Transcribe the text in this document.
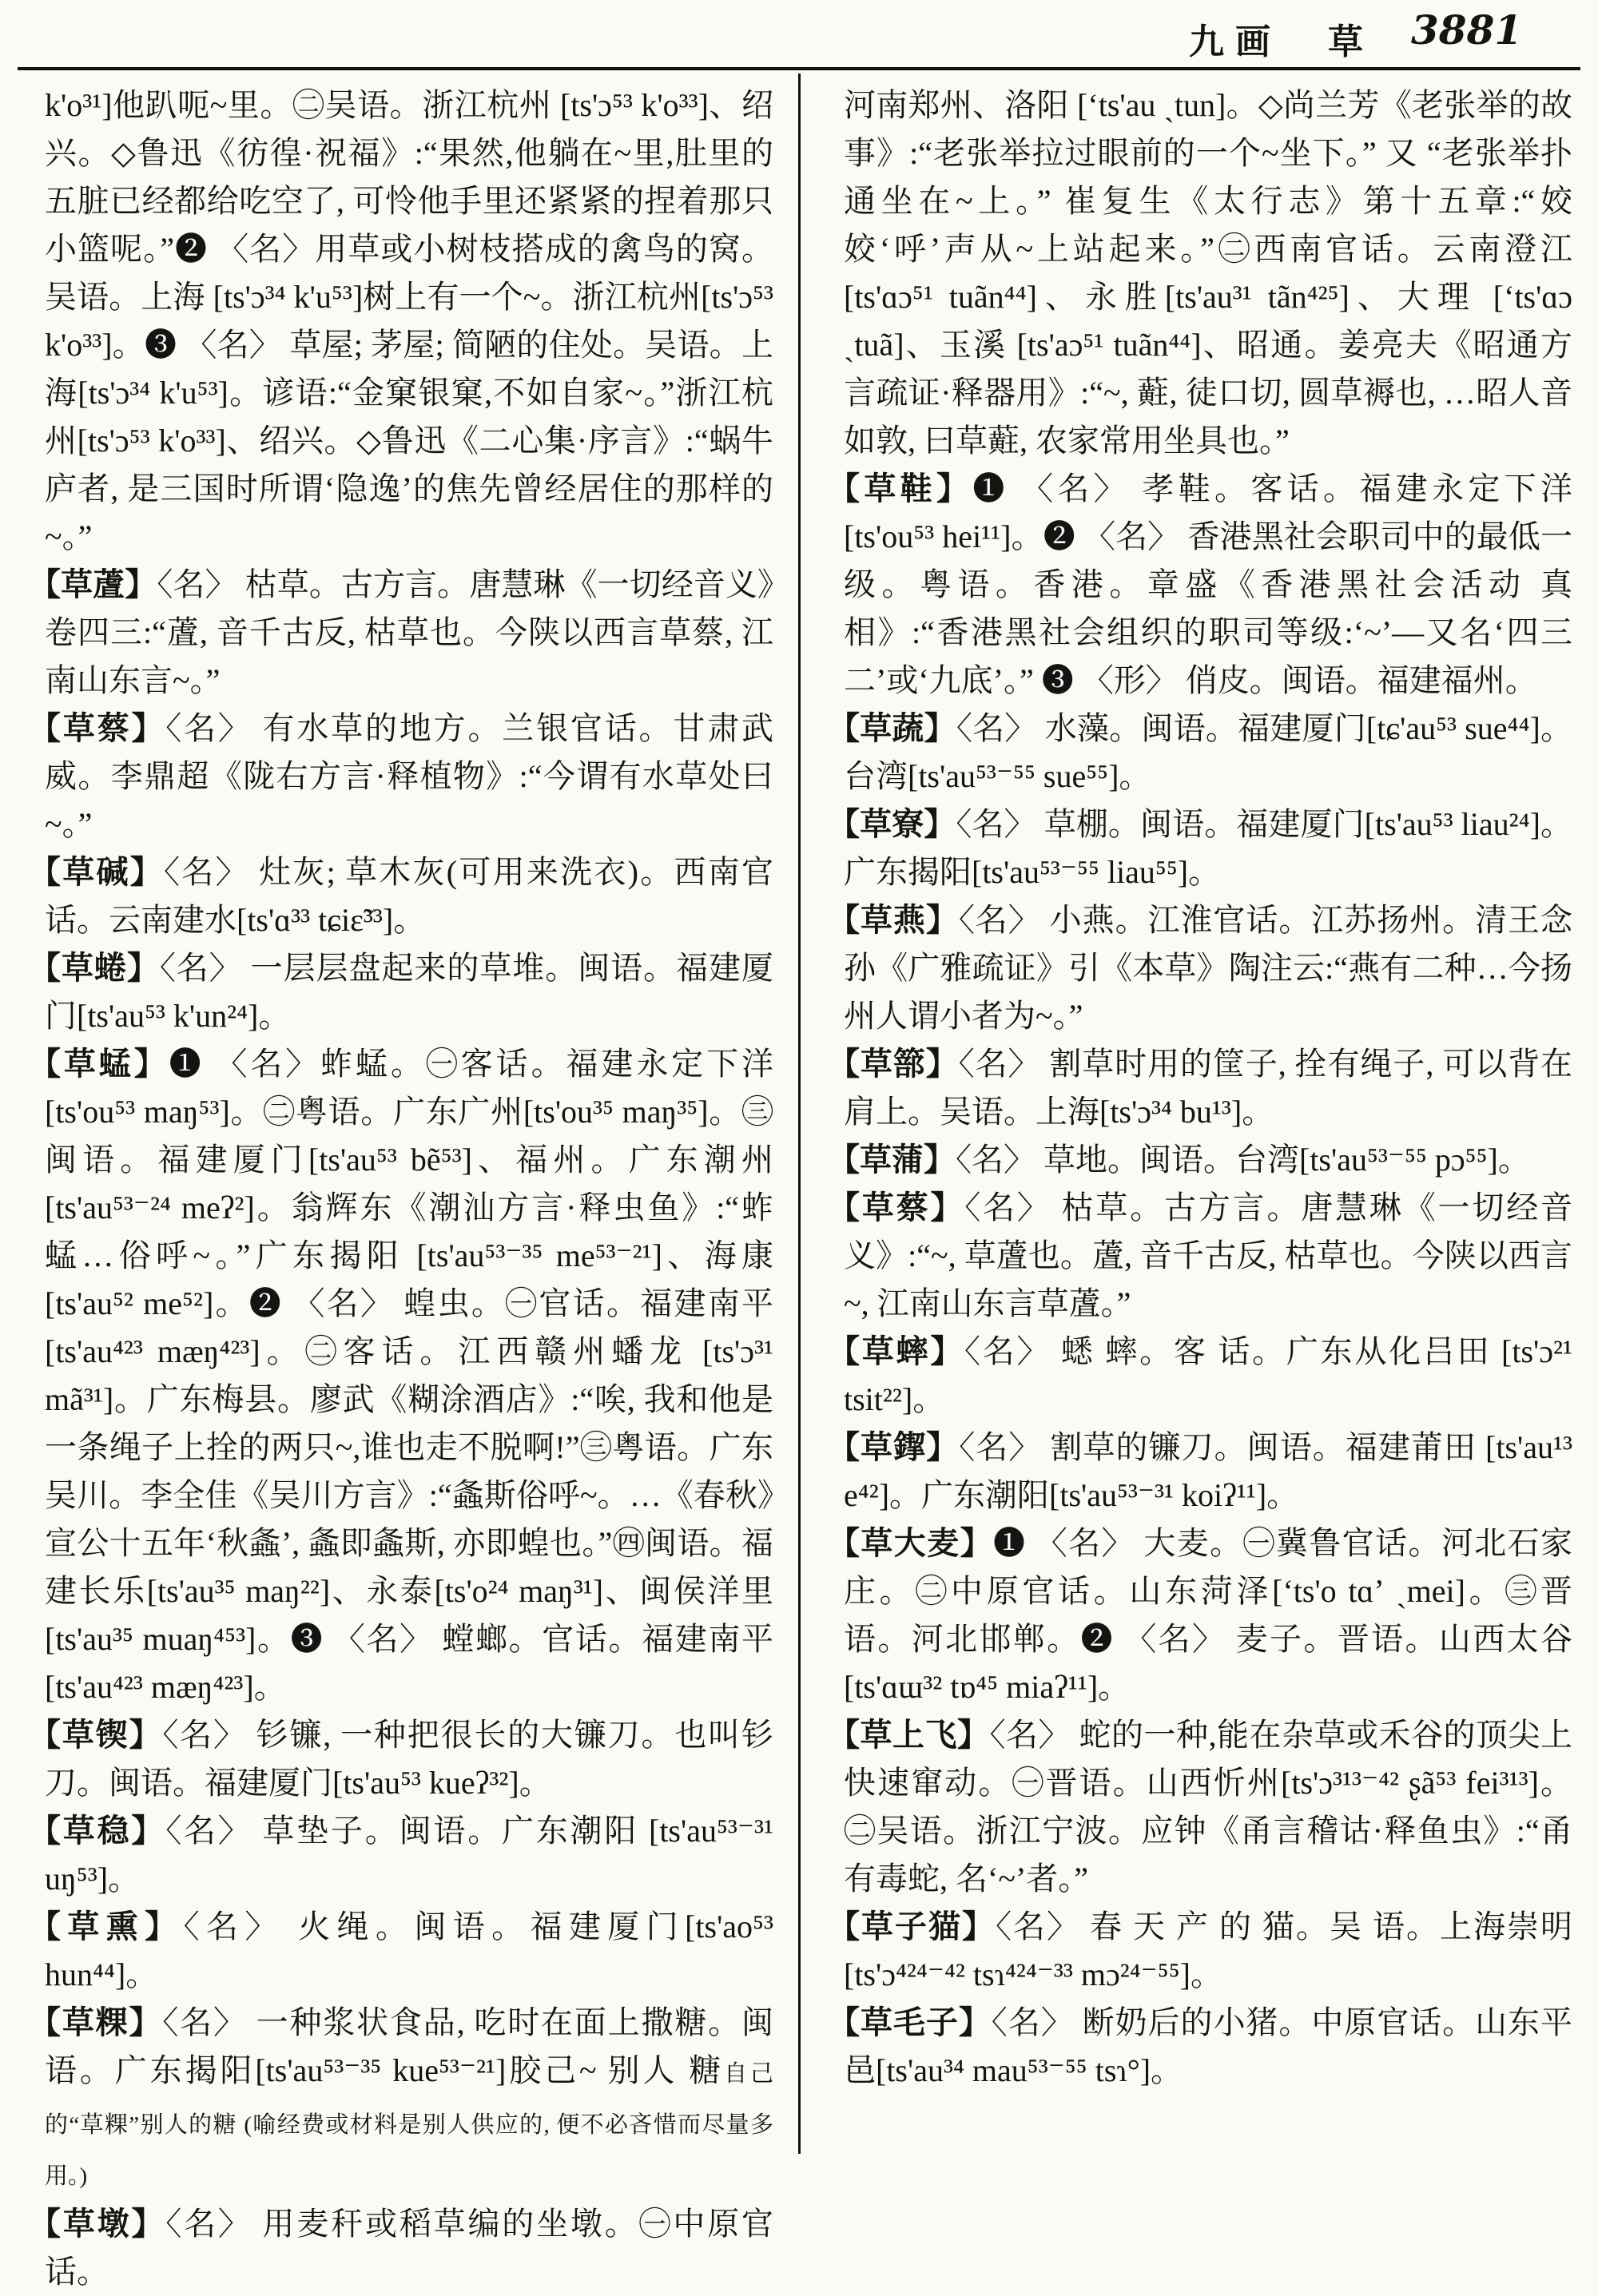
九画　 草 3881

k'o³¹]他趴呃~里。㊁吴语。浙江杭州 [ts'ɔ⁵³ k'o³³]、绍兴。◇鲁迅《彷徨·祝福》:“果然,他躺在~里,肚里的五脏已经都给吃空了, 可怜他手里还紧紧的捏着那只小篮呢。”❷ 〈名〉用草或小树枝搭成的禽鸟的窝。吴语。上海 [ts'ɔ³⁴ k'u⁵³]树上有一个~。浙江杭州[ts'ɔ⁵³ k'o³³]。❸ 〈名〉 草屋; 茅屋; 简陋的住处。吴语。上海[ts'ɔ³⁴ k'u⁵³]。谚语:“金窠银窠,不如自家~。”浙江杭州[ts'ɔ⁵³ k'o³³]、绍兴。◇鲁迅《二心集·序言》:“蜗牛庐者, 是三国时所谓‘隐逸’的焦先曾经居住的那样的~。”

【草蔖】〈名〉 枯草。古方言。唐慧琳《一切经音义》卷四三:“蔖, 音千古反, 枯草也。今陕以西言草蔡, 江南山东言~。”

【草蔡】〈名〉 有水草的地方。兰银官话。甘肃武威。李鼎超《陇右方言·释植物》:“今谓有水草处曰~。”

【草碱】〈名〉 灶灰; 草木灰(可用来洗衣)。西南官话。云南建水[ts'ɑ³³ tɕiɛ̃³³]。

【草蜷】〈名〉 一层层盘起来的草堆。闽语。福建厦门[ts'au⁵³ k'un²⁴]。

【草蜢】❶ 〈名〉蚱蜢。㊀客话。福建永定下洋 [ts'ou⁵³ maŋ⁵³]。㊁粤语。广东广州[ts'ou³⁵ maŋ³⁵]。㊂闽语。福建厦门[ts'au⁵³ bẽ⁵³]、福州。广东潮州[ts'au⁵³⁻²⁴ meʔ²]。翁辉东《潮汕方言·释虫鱼》:“蚱蜢…俗呼~。”广东揭阳 [ts'au⁵³⁻³⁵ me⁵³⁻²¹]、海康[ts'au⁵² me⁵²]。❷ 〈名〉 蝗虫。㊀官话。福建南平[ts'au⁴²³ mæŋ⁴²³]。㊁客话。江西赣州蟠龙 [ts'ɔ³¹ mã³¹]。广东梅县。廖武《糊涂酒店》:“唉, 我和他是一条绳子上拴的两只~,谁也走不脱啊!”㊂粤语。广东吴川。李全佳《吴川方言》:“螽斯俗呼~。…《春秋》宣公十五年‘秋螽’, 螽即螽斯, 亦即蝗也。”㊃闽语。福建长乐[ts'au³⁵ maŋ²²]、永泰[ts'o²⁴ maŋ³¹]、闽侯洋里 [ts'au³⁵ muaŋ⁴⁵³]。❸ 〈名〉 螳螂。官话。福建南平[ts'au⁴²³ mæŋ⁴²³]。

【草锲】〈名〉 钐镰, 一种把很长的大镰刀。也叫钐刀。闽语。福建厦门[ts'au⁵³ kueʔ³²]。

【草稳】〈名〉 草垫子。闽语。广东潮阳 [ts'au⁵³⁻³¹ uŋ⁵³]。

【草熏】〈名〉 火绳。闽语。福建厦门[ts'ao⁵³ hun⁴⁴]。

【草粿】〈名〉 一种浆状食品, 吃时在面上撒糖。闽语。广东揭阳[ts'au⁵³⁻³⁵ kue⁵³⁻²¹]胶己~ 别人 糖自己的“草粿”别人的糖 (喻经费或材料是别人供应的, 便不必吝惜而尽量多用。)

【草墩】〈名〉 用麦秆或稻草编的坐墩。㊀中原官话。

河南郑州、洛阳 [ʻts'au ˎtun]。◇尚兰芳《老张举的故事》:“老张举拉过眼前的一个~坐下。” 又 “老张举扑通坐在~上。” 崔复生《太行志》第十五章:“姣姣‘呼’声从~上站起来。”㊁西南官话。云南澄江[ts'ɑɔ⁵¹ tuãn⁴⁴]、永胜[ts'au³¹ tãn⁴²⁵]、大理 [ʻts'ɑɔ ˎtuã]、玉溪 [ts'aɔ⁵¹ tuãn⁴⁴]、昭通。姜亮夫《昭通方言疏证·释器用》:“~, 蘣, 徒口切, 圆草褥也, …昭人音如敦, 曰草蘣, 农家常用坐具也。”

【草鞋】❶ 〈名〉 孝鞋。客话。福建永定下洋[ts'ou⁵³ hei¹¹]。❷ 〈名〉 香港黑社会职司中的最低一级。粤语。香港。章盛《香港黑社会活动 真 相》:“香港黑社会组织的职司等级:‘~’—又名‘四三二’或‘九底’。” ❸ 〈形〉 俏皮。闽语。福建福州。

【草蔬】〈名〉 水藻。闽语。福建厦门[tɕ'au⁵³ sue⁴⁴]。台湾[ts'au⁵³⁻⁵⁵ sue⁵⁵]。

【草寮】〈名〉 草棚。闽语。福建厦门[ts'au⁵³ liau²⁴]。广东揭阳[ts'au⁵³⁻⁵⁵ liau⁵⁵]。

【草燕】〈名〉 小燕。江淮官话。江苏扬州。清王念孙《广雅疏证》引《本草》陶注云:“燕有二种…今扬州人谓小者为~。”

【草篰】〈名〉 割草时用的筐子, 拴有绳子, 可以背在肩上。吴语。上海[ts'ɔ³⁴ bu¹³]。

【草蒲】〈名〉 草地。闽语。台湾[ts'au⁵³⁻⁵⁵ pɔ⁵⁵]。

【草蔡】〈名〉 枯草。古方言。唐慧琳《一切经音义》:“~, 草蔖也。蔖, 音千古反, 枯草也。今陕以西言~, 江南山东言草蔖。”

【草蟀】〈名〉 蟋 蟀。客 话。广东从化吕田 [ts'ɔ²¹ tsit²²]。

【草䤿】〈名〉 割草的镰刀。闽语。福建莆田 [ts'au¹³ e⁴²]。广东潮阳[ts'au⁵³⁻³¹ koiʔ¹¹]。

【草大麦】❶ 〈名〉 大麦。㊀冀鲁官话。河北石家庄。㊁中原官话。山东菏泽[ʻts'o tɑʼ ˎmei]。㊂晋语。河北邯郸。❷ 〈名〉 麦子。晋语。山西太谷[ts'ɑɯ³² tɒ⁴⁵ miaʔ¹¹]。

【草上飞】〈名〉 蛇的一种,能在杂草或禾谷的顶尖上快速窜动。㊀晋语。山西忻州[ts'ɔ³¹³⁻⁴² ʂã⁵³ fei³¹³]。㊁吴语。浙江宁波。应钟《甬言稽诂·释鱼虫》:“甬有毒蛇, 名‘~’者。”

【草子猫】〈名〉 春 天 产 的 猫。吴 语。上海崇明[ts'ɔ⁴²⁴⁻⁴² tsɿ⁴²⁴⁻³³ mɔ²⁴⁻⁵⁵]。

【草毛子】〈名〉 断奶后的小猪。中原官话。山东平邑[ts'au³⁴ mau⁵³⁻⁵⁵ tsɿ°]。
